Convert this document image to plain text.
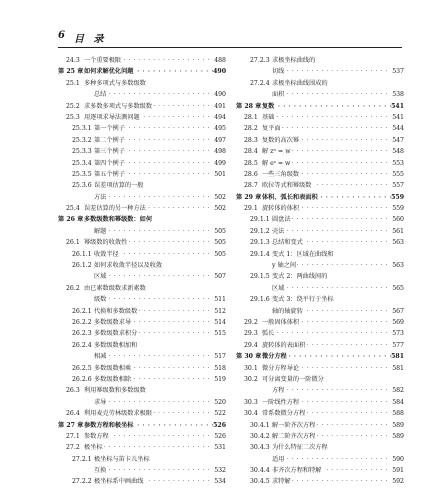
6 目 录
24.3 一个重要极限 · · ·	488
第 25 章 如何求解优化问题 · · ·	490
25.1 多种多项式与多数级数
总结 · · ·	490
25.2 求多数多项式与多数级数 · · ·	491
25.3 用逐项求导法测问题 · · ·	494
25.3.1 第一个例子 · · ·	495
25.3.2 第二个例子 · · ·	497
25.3.3 第三个例子 · · ·	498
25.3.4 第四个例子 · · ·	499
25.3.5 第五个例子 · · ·	501
25.3.6 误差项估算的一般
方法 · · ·	502
25.4 误差估算的另一种方法 · · ·	502
第 26 章 多数级数和幂级数：如何
解题 · · ·	505
26.1 幂级数的收敛性 · · ·	505
26.1.1 收敛半径 · · ·	505
26.1.2 如何求收敛半径以及收敛
区域 · · ·	507
26.2 由已素数级数求新素数
级数 · · ·	511
26.2.1 代换和多数级数 · · ·	512
26.2.2 多数级数求导 · · ·	514
26.2.3 多数级数求积分 · · ·	515
26.2.4 多数级数相加和
相减 · · ·	517
26.2.5 多数级数相乘 · · ·	518
26.2.6 多数级数相除 · · ·	519
26.3 利用幂级数和多数级数
求导 · · ·	520
26.4 利用麦克劳林级数求极限 · · ·	522
第 27 章 参数方程和极坐标 · · ·	526
27.1 参数方程 · · ·	526
27.2 极坐标 · · ·	531
27.2.1 极坐标与笛卡儿坐标
互换 · · ·	532
27.2.2 极坐标系中画曲线 · · ·	534
27.2.3 求极坐标曲线的
切线 · · ·	537
27.2.4 求极坐标曲线围成的
面积 · · ·	538
第 28 章 复数 · · ·	541
28.1 基础 · · ·	541
28.2 复平面 · · ·	544
28.3 复数的高次幂 · · ·	547
28.4 解 zⁿ = w · · ·	548
28.5 解 eᶻ = w · · ·	553
28.6 一些三角级数 · · ·	555
28.7 欧拉等式和幂级数 · · ·	557
第 29 章 体积、弧长和表面积 · · ·	559
29.1 旋转体的体积 · · ·	559
29.1.1 圆盘法 · · ·	560
29.1.2 壳法 · · ·	561
29.1.3 总结和变式 · · ·	563
29.1.4 变式 1：区域在曲线和
y 轴之间 · · ·	563
29.1.5 变式 2：两曲线间的
区域 · · ·	565
29.1.6 变式 3：绕平行于坐标
轴的轴旋转 · · ·	567
29.2 一般固体体积 · · ·	569
29.3 弧长 · · ·	573
29.4 旋转体的表面积 · · ·	577
第 30 章 微分方程 · · ·	581
30.1 微分方程导论 · · ·	581
30.2 可分离变量的一阶微分
方程 · · ·	582
30.3 一阶线性方程 · · ·	584
30.4 常系数微分方程 · · ·	588
30.4.1 解一阶齐次方程 · · ·	589
30.4.2 解二阶齐次方程 · · ·	589
30.4.3 为什么特征二次方程
适用 · · ·	590
30.4.4 非齐次方程和特解 · · ·	591
30.4.5 求特解 · · ·	592
